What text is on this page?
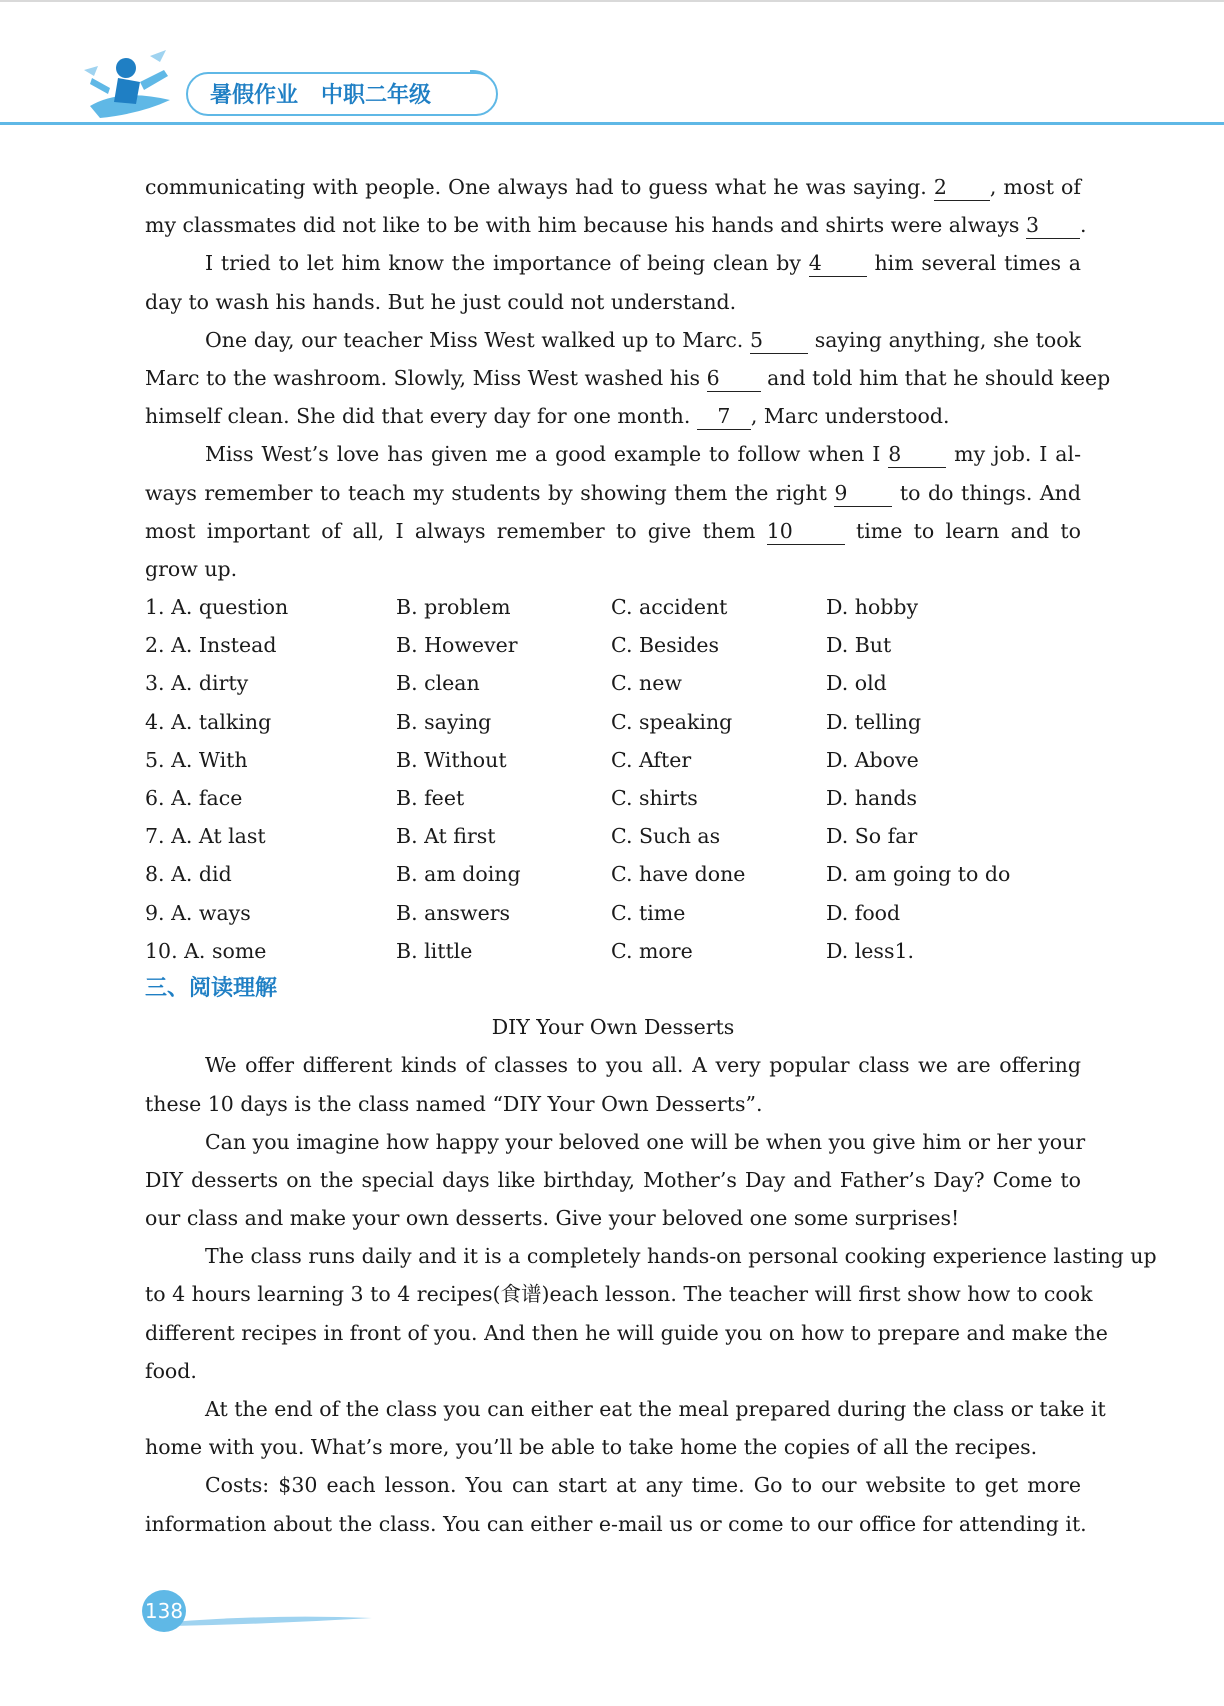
暑假作业 中职二年级
communicating with people. One always had to guess what he was saying. 2 , most of
my classmates did not like to be with him because his hands and shirts were always 3 .
I tried to let him know the importance of being clean by 4	him several times a
day to wash his hands. But he just could not understand.
One day, our teacher Miss West walked up to Marc. 5	saying anything, she took
Marc to the washroom. Slowly, Miss West washed his 6 and told him that he should keep
himself clean. She did that every day for one month. 7 , Marc understood.
Miss West’s love has given me a good example to follow when I 8	my job. I al-
ways remember to teach my students by showing them the right 9	to do things. And
most important of all, I always remember to give them 10	time to learn and to
grow up.
1. A. question	B. problem	C. accident	D. hobby
2. A. Instead	B. However	C. Besides	D. But
3. A. dirty	B. clean	C. new	D. old
4. A. talking	B. saying	C. speaking	D. telling
5. A. With	B. Without	C. After	D. Above
6. A. face	B. feet	C. shirts	D. hands
7. A. At last	B. At first	C. Such as	D. So far
8. A. did	B. am doing	C. have done	D. am going to do
9. A. ways	B. answers	C. time	D. food
10. A. some	B. little	C. more	D. less1.
三、阅读理解
DIY Your Own Desserts
We offer different kinds of classes to you all. A very popular class we are offering
these 10 days is the class named “DIY Your Own Desserts”.
Can you imagine how happy your beloved one will be when you give him or her your
DIY desserts on the special days like birthday, Mother’s Day and Father’s Day? Come to
our class and make your own desserts. Give your beloved one some surprises!
The class runs daily and it is a completely hands-on personal cooking experience lasting up
to 4 hours learning 3 to 4 recipes(食谱)each lesson. The teacher will first show how to cook
different recipes in front of you. And then he will guide you on how to prepare and make the
food.
At the end of the class you can either eat the meal prepared during the class or take it
home with you. What’s more, you’ll be able to take home the copies of all the recipes.
Costs: $30 each lesson. You can start at any time. Go to our website to get more
information about the class. You can either e-mail us or come to our office for attending it.
138
